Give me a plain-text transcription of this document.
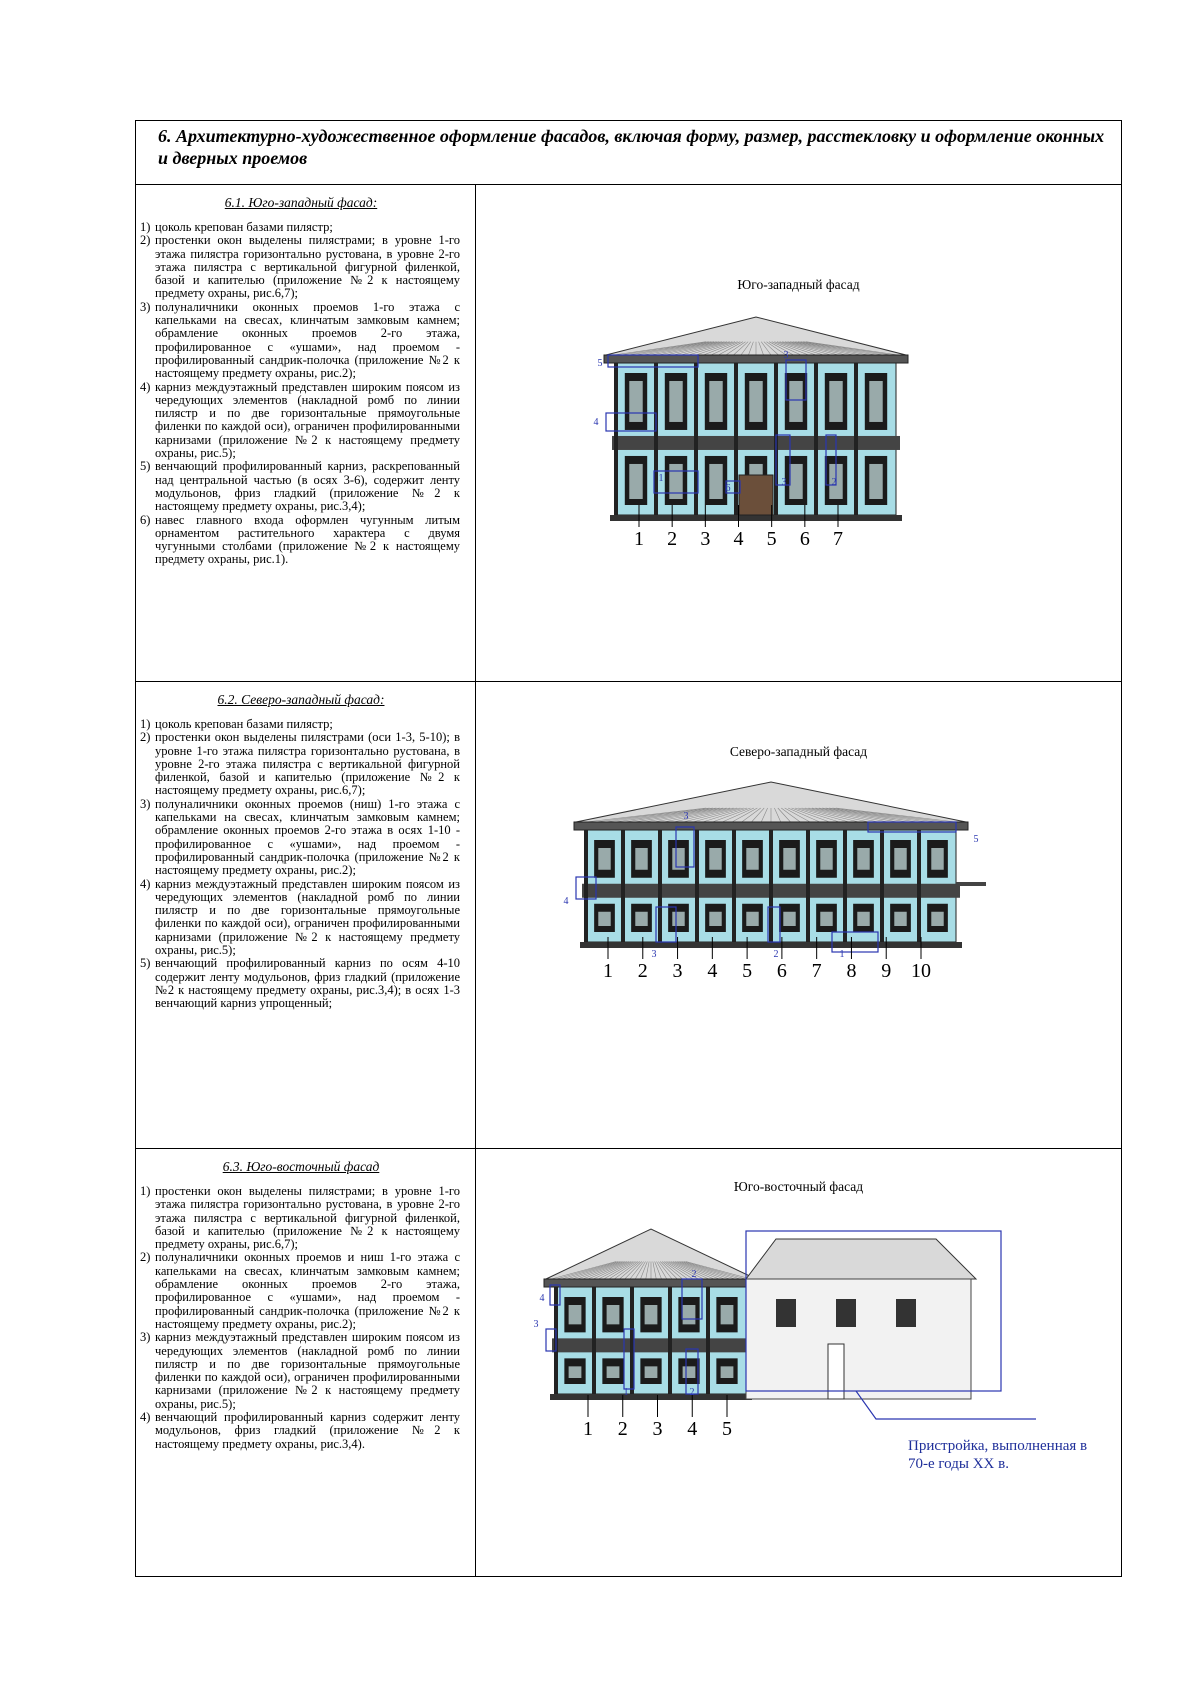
6. Архитектурно-художественное оформление фасадов, включая форму, размер, расстекловку и оформление оконных и дверных проемов
6.1. Юго-западный фасад:
1) цоколь крепован базами пилястр;
2) простенки окон выделены пилястрами; в уровне 1-го этажа пилястра горизонтально рустована, в уровне 2-го этажа пилястра с вертикальной фигурной филенкой, базой и капителью (приложение №2 к настоящему предмету охраны, рис.6,7);
3) полуналичники оконных проемов 1-го этажа с капельками на свесах, клинчатым замковым камнем; обрамление оконных проемов 2-го этажа, профилированное с «ушами», над проемом - профилированный сандрик-полочка (приложение №2 к настоящему предмету охраны, рис.2);
4) карниз междуэтажный представлен широким поясом из чередующих элементов (накладной ромб по линии пилястр и по две горизонтальные прямоугольные филенки по каждой оси), ограничен профилированными карнизами (приложение №2 к настоящему предмету охраны, рис.5);
5) венчающий профилированный карниз, раскрепованный над центральной частью (в осях 3-6), содержит ленту модульонов, фриз гладкий (приложение №2 к настоящему предмету охраны, рис.3,4);
6) навес главного входа оформлен чугунным литым орнаментом растительного характера с двумя чугунными столбами (приложение №2 к настоящему предмету охраны, рис.1).
Юго-западный фасад
5
3
4
1
6
3	2
1 2 3 4 5 6 7
6.2. Северо-западный фасад:
1) цоколь крепован базами пилястр;
2) простенки окон выделены пилястрами (оси 1-3, 5-10); в уровне 1-го этажа пилястра горизонтально рустована, в уровне 2-го этажа пилястра с вертикальной фигурной филенкой, базой и капителью (приложение №2 к настоящему предмету охраны, рис.6,7);
3) полуналичники оконных проемов (ниш) 1-го этажа с капельками на свесах, клинчатым замковым камнем; обрамление оконных проемов 2-го этажа в осях 1-10 - профилированное с «ушами», над проемом - профилированный сандрик-полочка (приложение №2 к настоящему предмету охраны, рис.2);
4) карниз междуэтажный представлен широким поясом из чередующих элементов (накладной ромб по линии пилястр и по две горизонтальные прямоугольные филенки по каждой оси), ограничен профилированными карнизами (приложение №2 к настоящему предмету охраны, рис.5);
5) венчающий профилированный карниз по осям 4-10 содержит ленту модульонов, фриз гладкий (приложение №2 к настоящему предмету охраны, рис.3,4); в осях 1-3 венчающий карниз упрощенный;
Северо-западный фасад
3
5
4
3	2	1
1 2 3 4 5 6 7 8 9 10
6.3. Юго-восточный фасад
1) простенки окон выделены пилястрами; в уровне 1-го этажа пилястра горизонтально рустована, в уровне 2-го этажа пилястра с вертикальной фигурной филенкой, базой и капителью (приложение №2 к настоящему предмету охраны, рис.6,7);
2) полуналичники оконных проемов и ниш 1-го этажа с капельками на свесах, клинчатым замковым камнем; обрамление оконных проемов 2-го этажа, профилированное с «ушами», над проемом - профилированный сандрик-полочка (приложение №2 к настоящему предмету охраны, рис.2);
3) карниз междуэтажный представлен широким поясом из чередующих элементов (накладной ромб по линии пилястр и по две горизонтальные прямоугольные филенки по каждой оси), ограничен профилированными карнизами (приложение №2 к настоящему предмету охраны, рис.5);
4) венчающий профилированный карниз содержит ленту модульонов, фриз гладкий (приложение №2 к настоящему предмету охраны, рис.3,4).
Юго-восточный фасад
2
4
3
1	2
1 2 3 4 5
Пристройка, выполненная в
70-е годы XX в.
